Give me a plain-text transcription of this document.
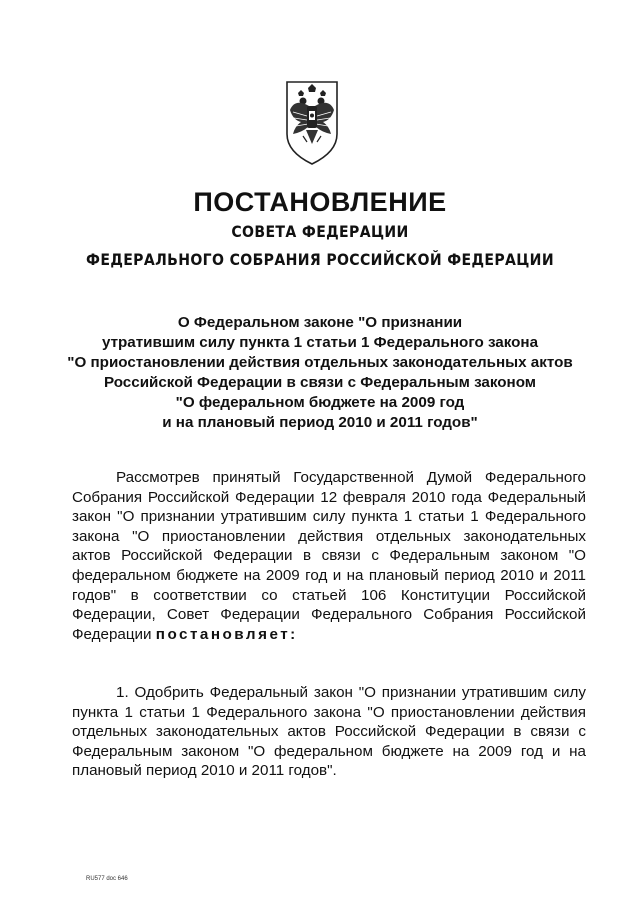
ПОСТАНОВЛЕНИЕ
СОВЕТА ФЕДЕРАЦИИ
ФЕДЕРАЛЬНОГО СОБРАНИЯ РОССИЙСКОЙ ФЕДЕРАЦИИ
О Федеральном законе "О признании
утратившим силу пункта 1 статьи 1 Федерального закона
"О приостановлении действия отдельных законодательных актов
Российской Федерации в связи с Федеральным законом
"О федеральном бюджете на 2009 год
и на плановый период 2010 и 2011 годов"
Рассмотрев принятый Государственной Думой Федерального Собрания Российской Федерации 12 февраля 2010 года Федеральный закон "О признании утратившим силу пункта 1 статьи 1 Федерального закона "О приостановлении действия отдельных законодательных актов Российской Федерации в связи с Федеральным законом "О федеральном бюджете на 2009 год и на плановый период 2010 и 2011 годов" в соответствии со статьей 106 Конституции Российской Федерации, Совет Федерации Федерального Собрания Российской Федерации постановляет:
1. Одобрить Федеральный закон "О признании утратившим силу пункта 1 статьи 1 Федерального закона "О приостановлении действия отдельных законодательных актов Российской Федерации в связи с Федеральным законом "О федеральном бюджете на 2009 год и на плановый период 2010 и 2011 годов".
RU577 doc 646
